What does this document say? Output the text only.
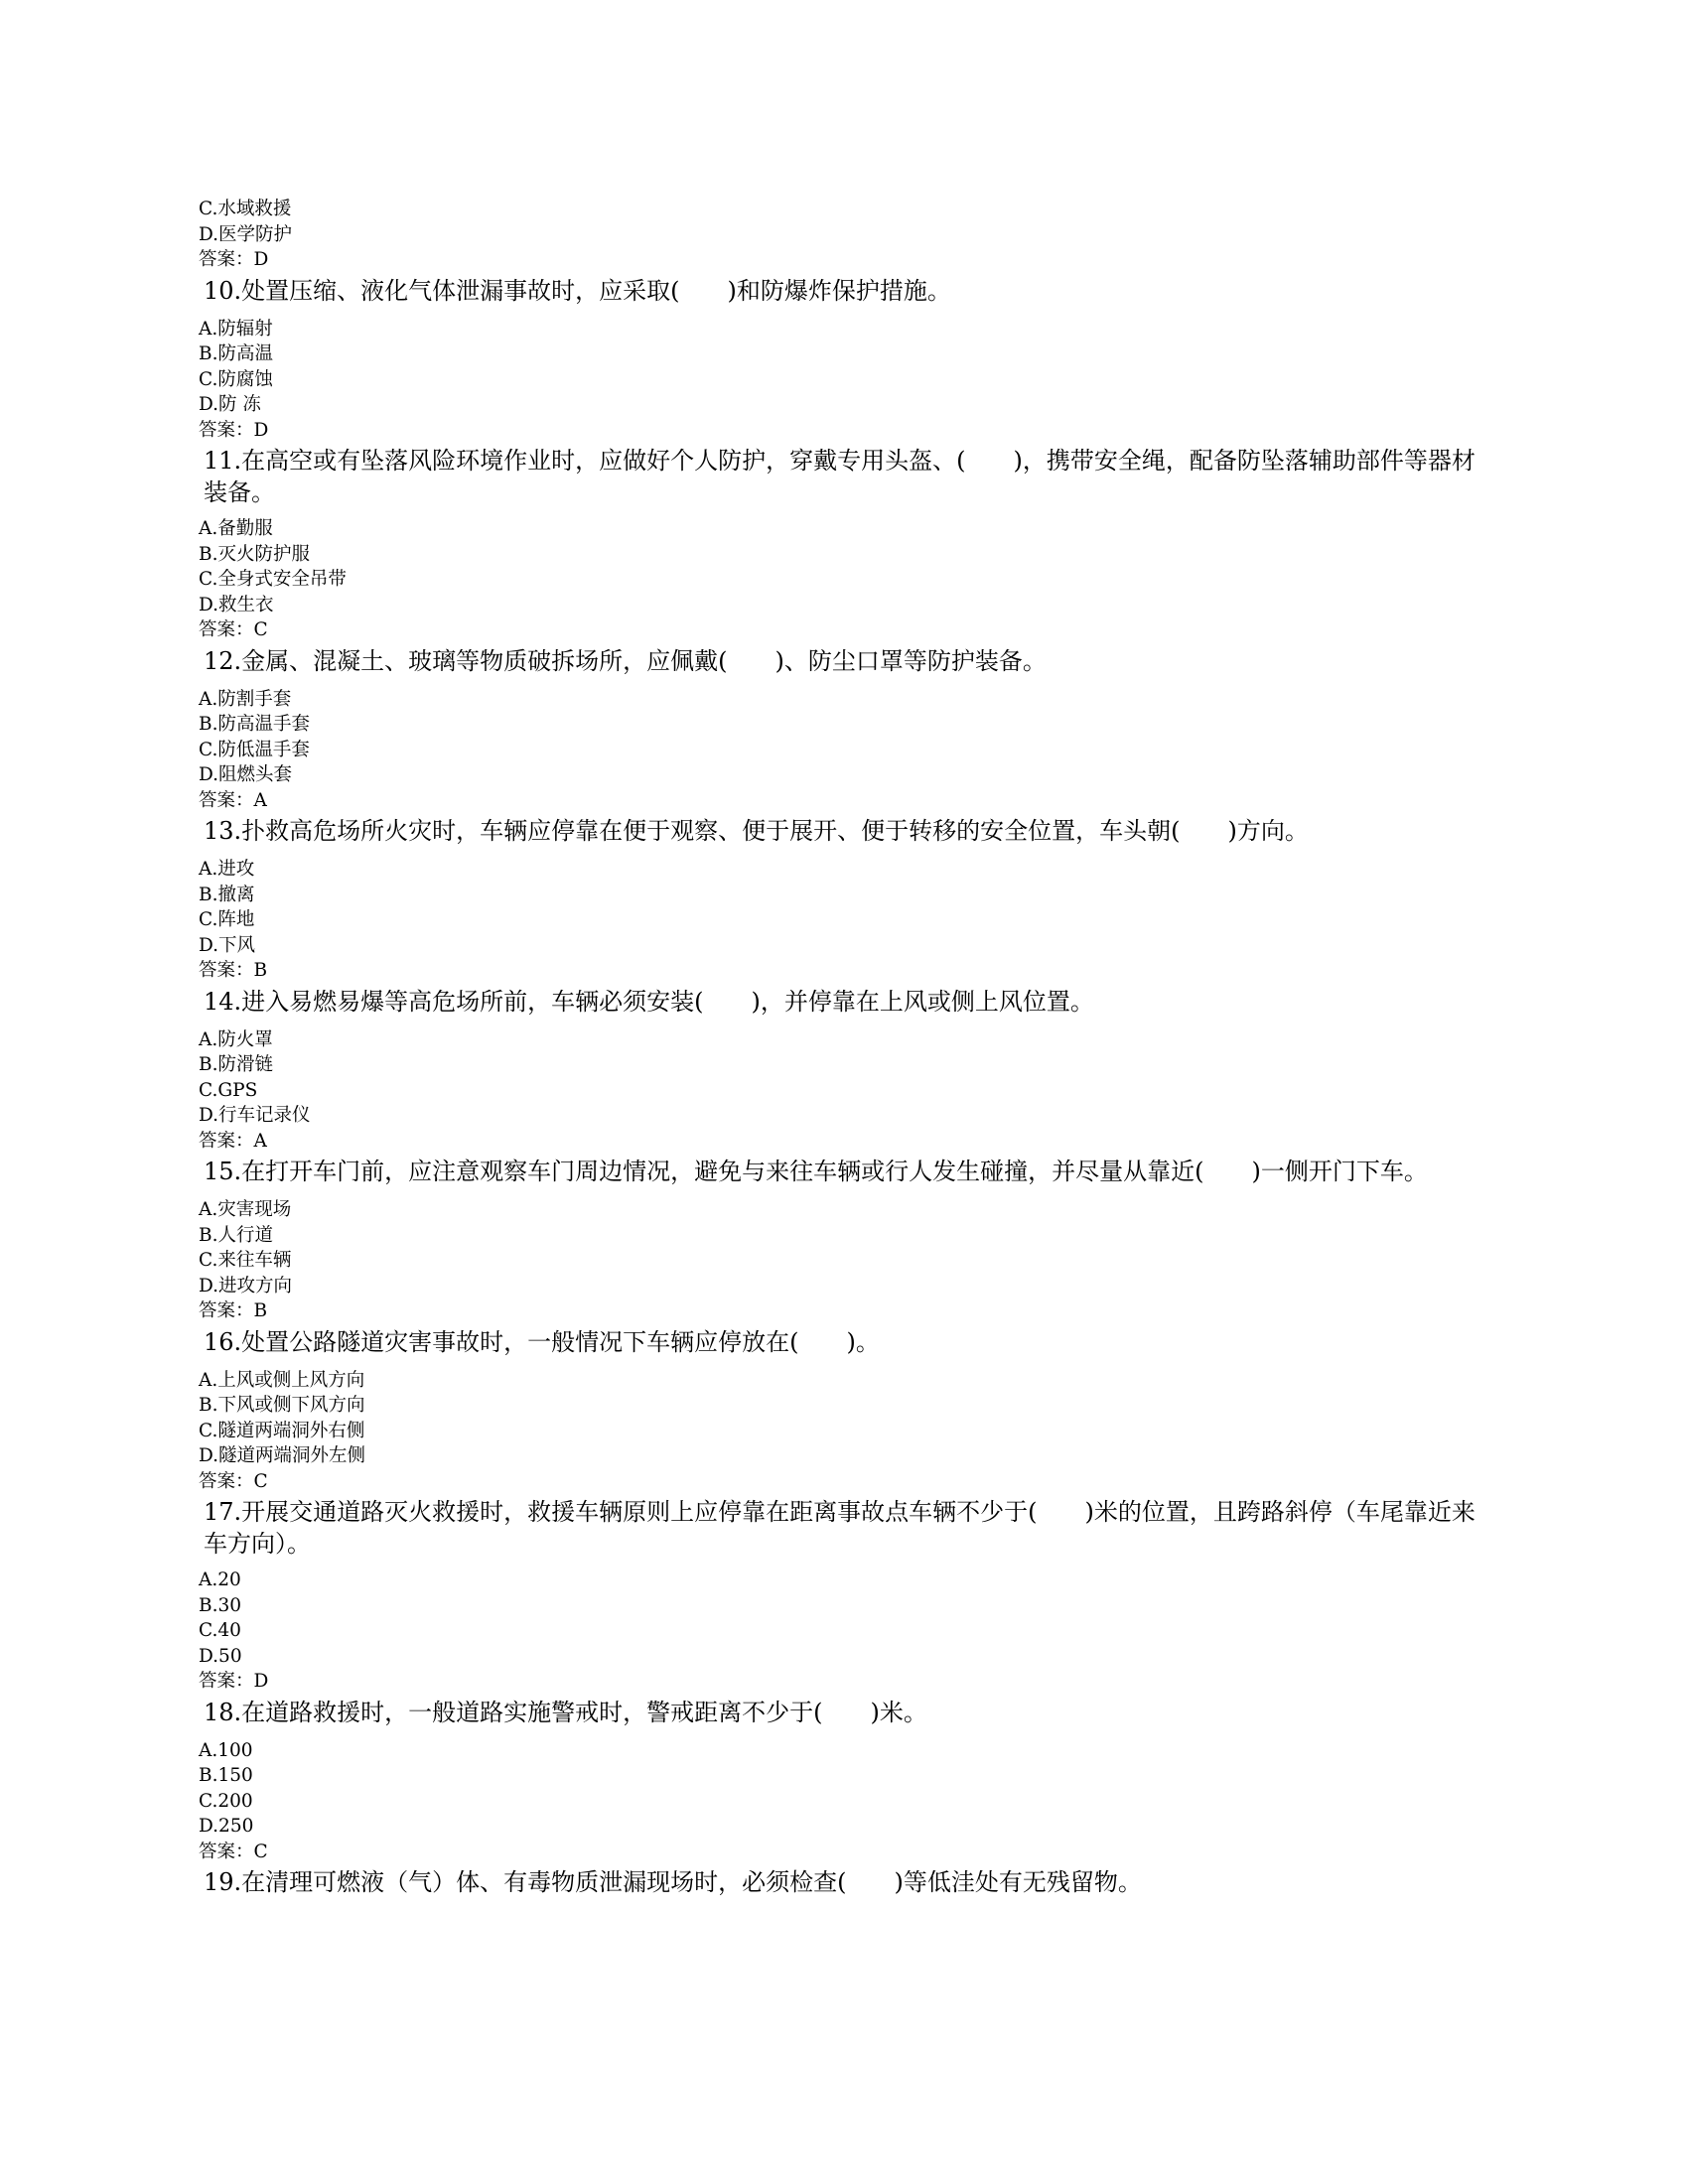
C.水域救援
D.医学防护
答案：D
10.处置压缩、液化气体泄漏事故时，应采取(　　)和防爆炸保护措施。
A.防辐射
B.防高温
C.防腐蚀
D.防 冻
答案：D
11.在高空或有坠落风险环境作业时，应做好个人防护，穿戴专用头盔、(　　)，携带安全绳，配备防坠落辅助部件等器材装备。
A.备勤服
B.灭火防护服
C.全身式安全吊带
D.救生衣
答案：C
12.金属、混凝土、玻璃等物质破拆场所，应佩戴(　　)、防尘口罩等防护装备。
A.防割手套
B.防高温手套
C.防低温手套
D.阻燃头套
答案：A
13.扑救高危场所火灾时，车辆应停靠在便于观察、便于展开、便于转移的安全位置，车头朝(　　)方向。
A.进攻
B.撤离
C.阵地
D.下风
答案：B
14.进入易燃易爆等高危场所前，车辆必须安装(　　)，并停靠在上风或侧上风位置。
A.防火罩
B.防滑链
C.GPS
D.行车记录仪
答案：A
15.在打开车门前，应注意观察车门周边情况，避免与来往车辆或行人发生碰撞，并尽量从靠近(　　)一侧开门下车。
A.灾害现场
B.人行道
C.来往车辆
D.进攻方向
答案：B
16.处置公路隧道灾害事故时，一般情况下车辆应停放在(　　)。
A.上风或侧上风方向
B.下风或侧下风方向
C.隧道两端洞外右侧
D.隧道两端洞外左侧
答案：C
17.开展交通道路灭火救援时，救援车辆原则上应停靠在距离事故点车辆不少于(　　)米的位置，且跨路斜停（车尾靠近来车方向）。
A.20
B.30
C.40
D.50
答案：D
18.在道路救援时，一般道路实施警戒时，警戒距离不少于(　　)米。
A.100
B.150
C.200
D.250
答案：C
19.在清理可燃液（气）体、有毒物质泄漏现场时，必须检查(　　)等低洼处有无残留物。
